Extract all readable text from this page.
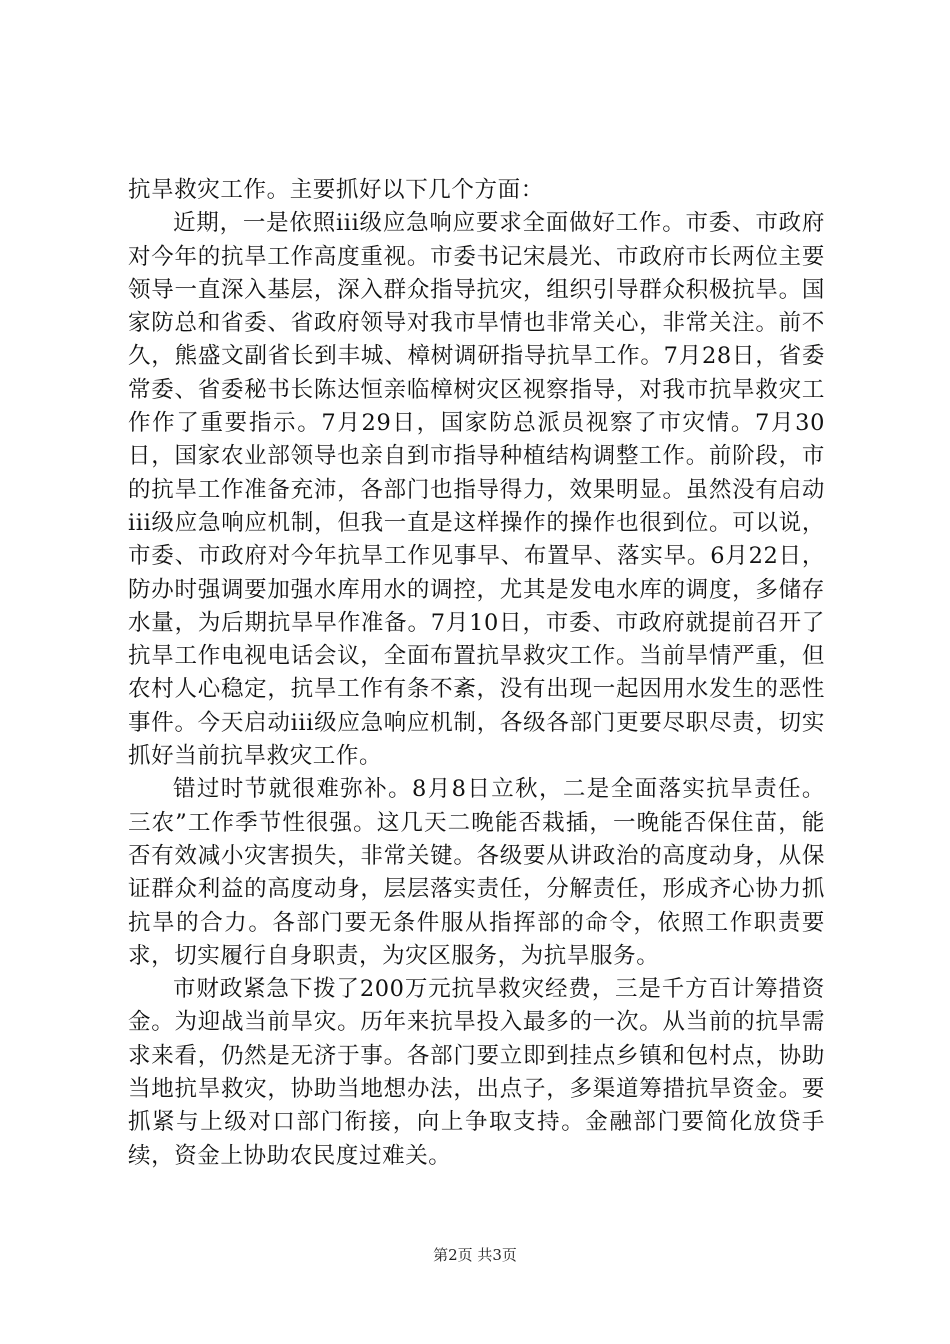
抗旱救灾工作。主要抓好以下几个方面：

近期，一是依照iii级应急响应要求全面做好工作。市委、市政府对今年的抗旱工作高度重视。市委书记宋晨光、市政府市长两位主要领导一直深入基层，深入群众指导抗灾，组织引导群众积极抗旱。国家防总和省委、省政府领导对我市旱情也非常关心，非常关注。前不久，熊盛文副省长到丰城、樟树调研指导抗旱工作。7月28日，省委常委、省委秘书长陈达恒亲临樟树灾区视察指导，对我市抗旱救灾工作作了重要指示。7月29日，国家防总派员视察了市灾情。7月30日，国家农业部领导也亲自到市指导种植结构调整工作。前阶段，市的抗旱工作准备充沛，各部门也指导得力，效果明显。虽然没有启动iii级应急响应机制，但我一直是这样操作的操作也很到位。可以说，市委、市政府对今年抗旱工作见事早、布置早、落实早。6月22日，防办时强调要加强水库用水的调控，尤其是发电水库的调度，多储存水量，为后期抗旱早作准备。7月10日，市委、市政府就提前召开了抗旱工作电视电话会议，全面布置抗旱救灾工作。当前旱情严重，但农村人心稳定，抗旱工作有条不紊，没有出现一起因用水发生的恶性事件。今天启动iii级应急响应机制，各级各部门更要尽职尽责，切实抓好当前抗旱救灾工作。

错过时节就很难弥补。8月8日立秋，二是全面落实抗旱责任。三农”工作季节性很强。这几天二晚能否栽插，一晚能否保住苗，能否有效减小灾害损失，非常关键。各级要从讲政治的高度动身，从保证群众利益的高度动身，层层落实责任，分解责任，形成齐心协力抓抗旱的合力。各部门要无条件服从指挥部的命令，依照工作职责要求，切实履行自身职责，为灾区服务，为抗旱服务。

市财政紧急下拨了200万元抗旱救灾经费，三是千方百计筹措资金。为迎战当前旱灾。历年来抗旱投入最多的一次。从当前的抗旱需求来看，仍然是无济于事。各部门要立即到挂点乡镇和包村点，协助当地抗旱救灾，协助当地想办法，出点子，多渠道筹措抗旱资金。要抓紧与上级对口部门衔接，向上争取支持。金融部门要简化放贷手续，资金上协助农民度过难关。

第2页 共3页
